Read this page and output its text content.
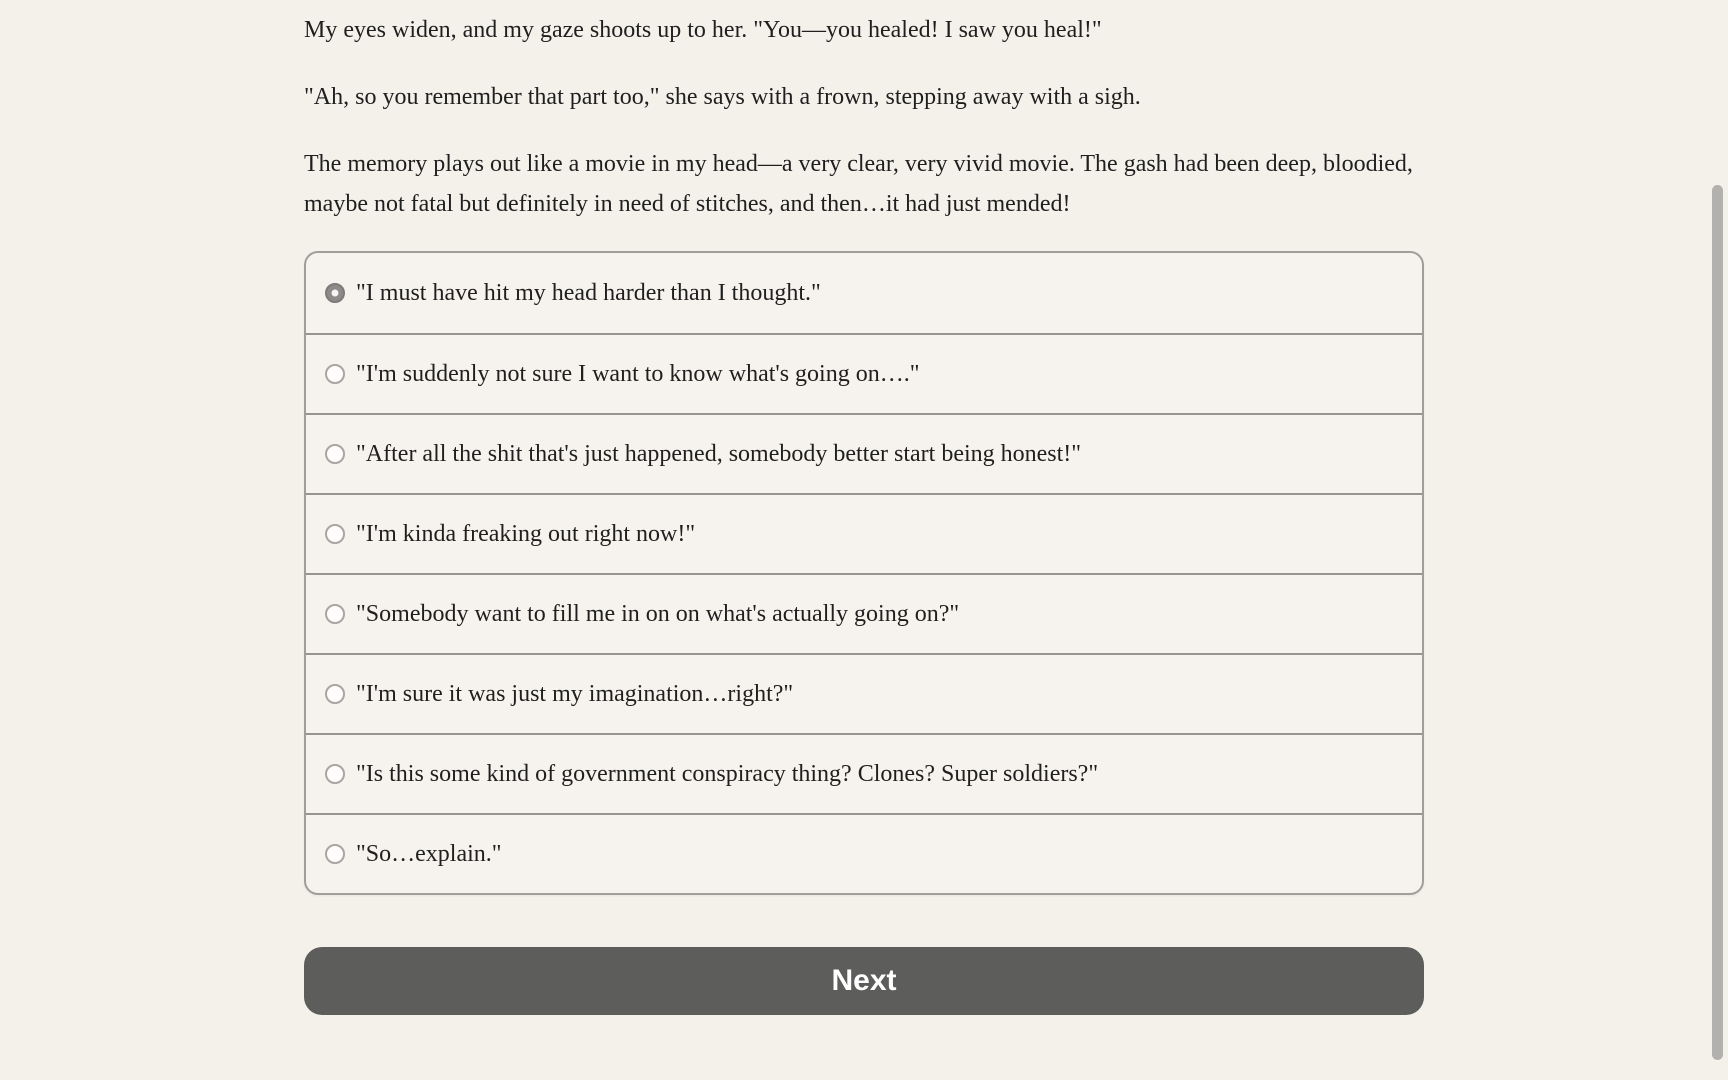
My eyes widen, and my gaze shoots up to her. "You—you healed! I saw you heal!"

"Ah, so you remember that part too," she says with a frown, stepping away with a sigh.

The memory plays out like a movie in my head—a very clear, very vivid movie. The gash had been deep, bloodied, maybe not fatal but definitely in need of stitches, and then…it had just mended!

"I must have hit my head harder than I thought."
"I'm suddenly not sure I want to know what's going on…."
"After all the shit that's just happened, somebody better start being honest!"
"I'm kinda freaking out right now!"
"Somebody want to fill me in on on what's actually going on?"
"I'm sure it was just my imagination…right?"
"Is this some kind of government conspiracy thing? Clones? Super soldiers?"
"So…explain."
Next
